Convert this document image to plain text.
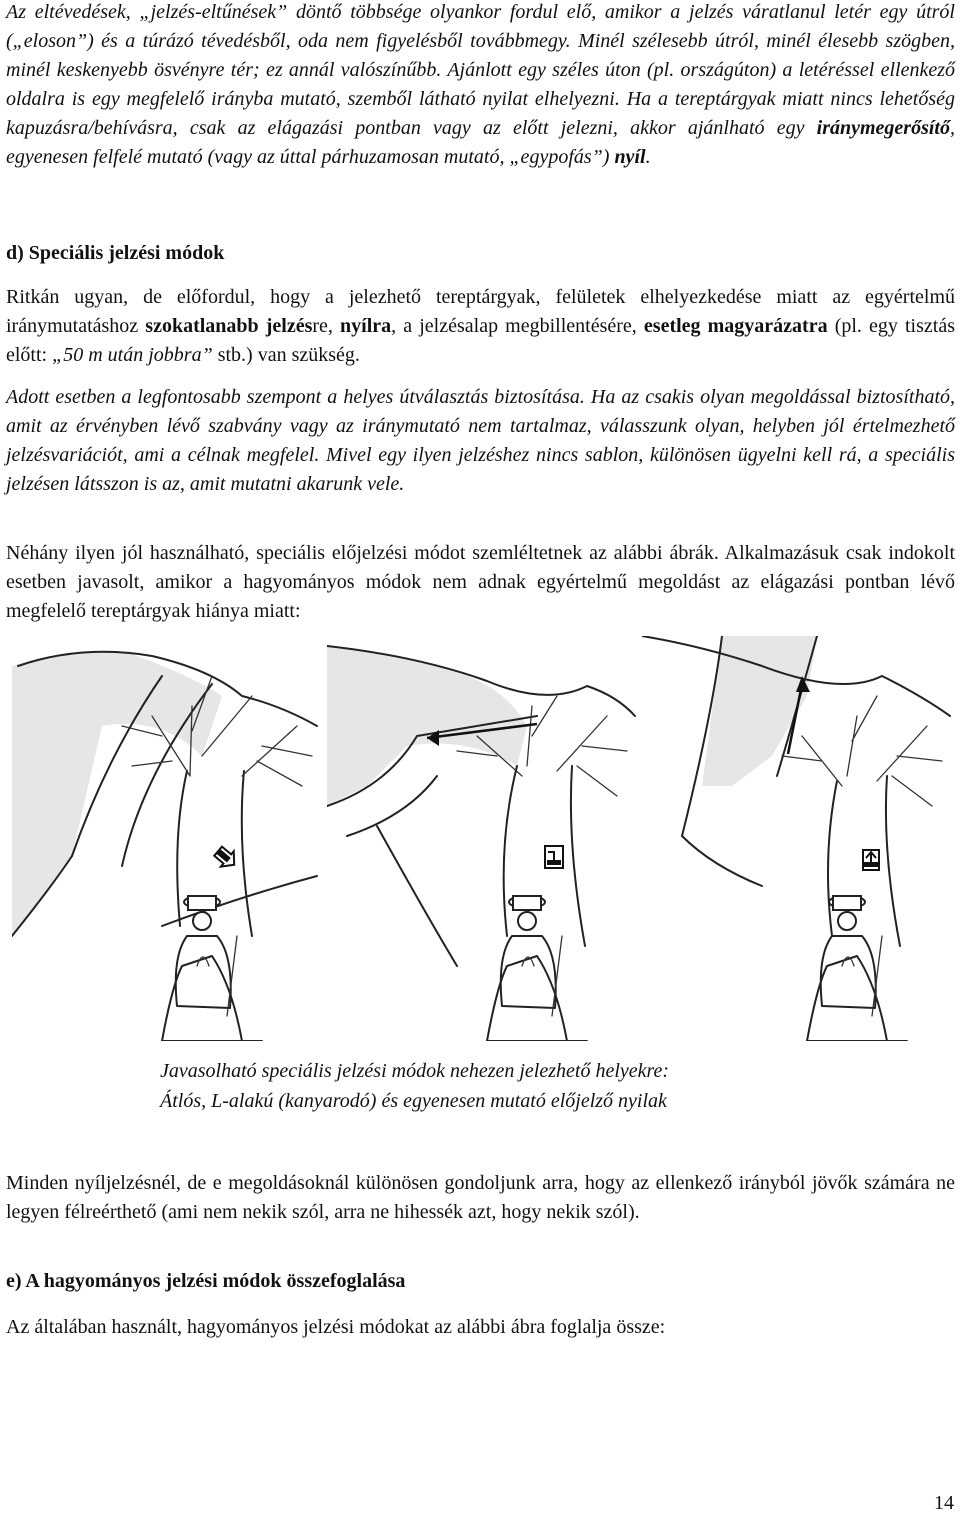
Az eltévedések, „jelzés-eltűnések” döntő többsége olyankor fordul elő, amikor a jelzés váratlanul letér egy útról („eloson”) és a túrázó tévedésből, oda nem figyelésből továbbmegy. Minél szélesebb útról, minél élesebb szögben, minél keskenyebb ösvényre tér; ez annál valószínűbb. Ajánlott egy széles úton (pl. országúton) a letéréssel ellenkező oldalra is egy megfelelő irányba mutató, szemből látható nyilat elhelyezni. Ha a tereptárgyak miatt nincs lehetőség kapuzásra/behívásra, csak az elágazási pontban vagy az előtt jelezni, akkor ajánlható egy iránymegerősítő, egyenesen felfelé mutató (vagy az úttal párhuzamosan mutató, „egypofás”) nyíl.

d) Speciális jelzési módok

Ritkán ugyan, de előfordul, hogy a jelezhető tereptárgyak, felületek elhelyezkedése miatt az egyértelmű iránymutatáshoz szokatlanabb jelzésre, nyílra, a jelzésalap megbillentésére, esetleg magyarázatra (pl. egy tisztás előtt: „50 m után jobbra” stb.) van szükség.

Adott esetben a legfontosabb szempont a helyes útválasztás biztosítása. Ha az csakis olyan megoldással biztosítható, amit az érvényben lévő szabvány vagy az iránymutató nem tartalmaz, válasszunk olyan, helyben jól értelmezhető jelzésvariációt, ami a célnak megfelel. Mivel egy ilyen jelzéshez nincs sablon, különösen ügyelni kell rá, a speciális jelzésen látsszon is az, amit mutatni akarunk vele.

Néhány ilyen jól használható, speciális előjelzési módot szemléltetnek az alábbi ábrák. Alkalmazásuk csak indokolt esetben javasolt, amikor a hagyományos módok nem adnak egyértelmű megoldást az elágazási pontban lévő megfelelő tereptárgyak hiánya miatt:

Javasolható speciális jelzési módok nehezen jelezhető helyekre:

Átlós, L-alakú (kanyarodó) és egyenesen mutató előjelző nyilak

Minden nyíljelzésnél, de e megoldásoknál különösen gondoljunk arra, hogy az ellenkező irányból jövők számára ne legyen félreérthető (ami nem nekik szól, arra ne hihessék azt, hogy nekik szól).

e) A hagyományos jelzési módok összefoglalása

Az általában használt, hagyományos jelzési módokat az alábbi ábra foglalja össze:

14
